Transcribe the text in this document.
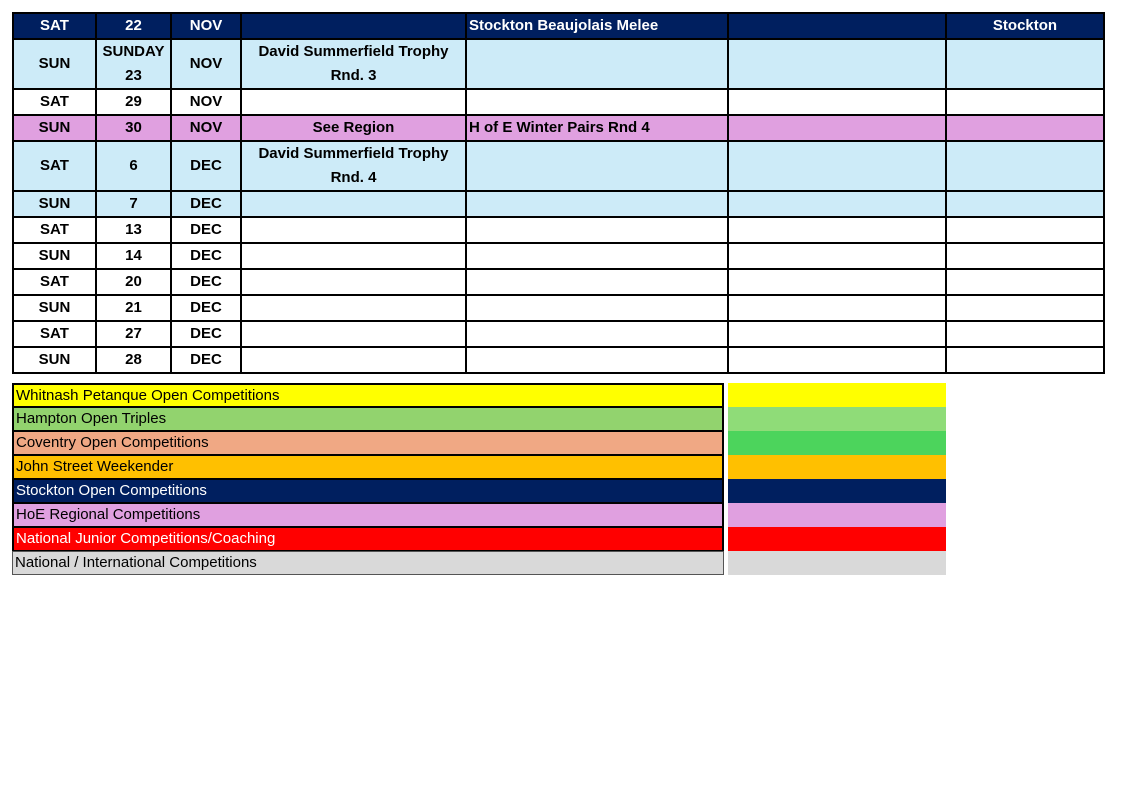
SAT	22	NOV		Stockton Beaujolais Melee		Stockton
SUN	SUNDAY 23	NOV	David Summerfield Trophy Rnd. 3			
SAT	29	NOV				
SUN	30	NOV	See Region	H of E Winter Pairs Rnd 4		
SAT	6	DEC	David Summerfield Trophy Rnd. 4			
SUN	7	DEC				
SAT	13	DEC				
SUN	14	DEC				
SAT	20	DEC				
SUN	21	DEC				
SAT	27	DEC				
SUN	28	DEC				
Whitnash Petanque Open Competitions
Hampton Open Triples
Coventry Open Competitions
John Street Weekender
Stockton Open Competitions
HoE Regional Competitions
National Junior Competitions/Coaching
National / International Competitions
